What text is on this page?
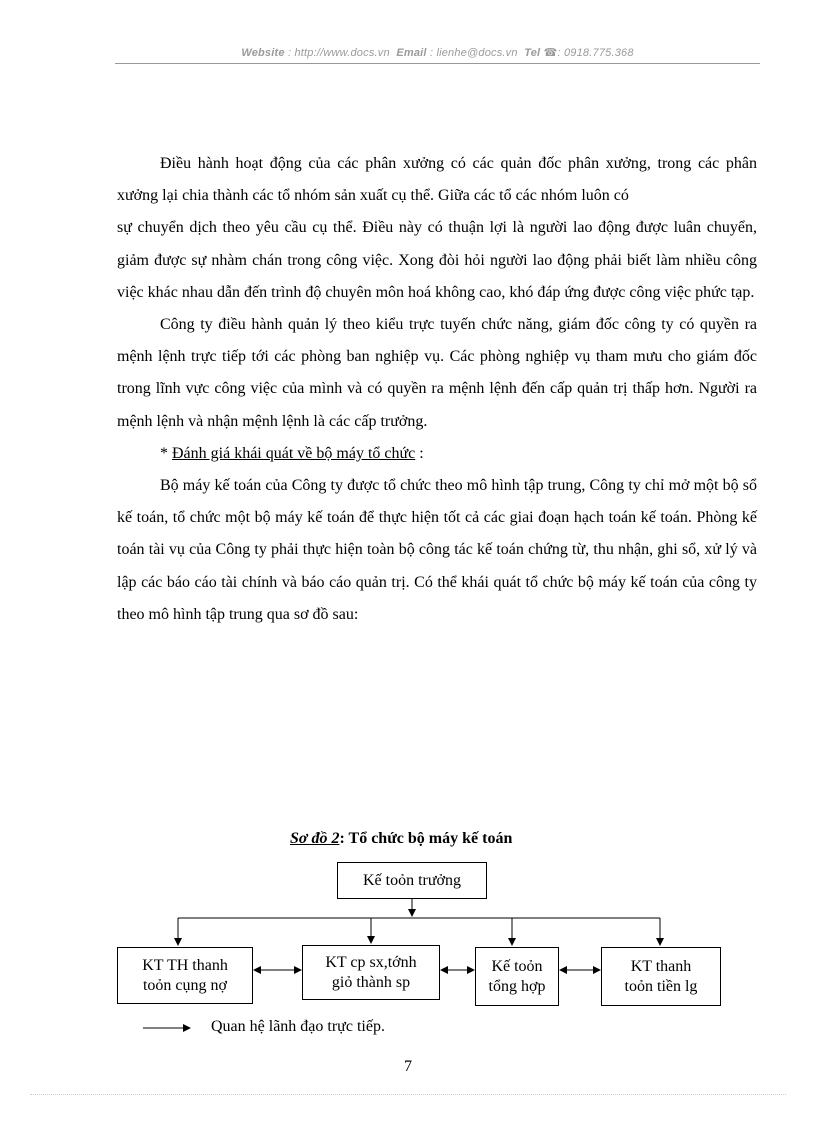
Website : http://www.docs.vn Email : lienhe@docs.vn Tel ☎: 0918.775.368

Điều hành hoạt động của các phân xưởng có các quản đốc phân xưởng, trong các phân xưởng lại chia thành các tổ nhóm sản xuất cụ thể. Giữa các tổ các nhóm luôn có

sự chuyển dịch theo yêu cầu cụ thể. Điều này có thuận lợi là người lao động được luân chuyển, giảm được sự nhàm chán trong công việc. Xong đòi hỏi người lao động phải biết làm nhiều công việc khác nhau dẫn đến trình độ chuyên môn hoá không cao, khó đáp ứng được công việc phức tạp.

Công ty điều hành quản lý theo kiểu trực tuyến chức năng, giám đốc công ty có quyền ra mệnh lệnh trực tiếp tới các phòng ban nghiệp vụ. Các phòng nghiệp vụ tham mưu cho giám đốc trong lĩnh vực công việc của mình và có quyền ra mệnh lệnh đến cấp quản trị thấp hơn. Người ra mệnh lệnh và nhận mệnh lệnh là các cấp trưởng.

* Đánh giá khái quát về bộ máy tổ chức :

Bộ máy kế toán của Công ty được tổ chức theo mô hình tập trung, Công ty chỉ mở một bộ sổ kế toán, tổ chức một bộ máy kế toán để thực hiện tốt cả các giai đoạn hạch toán kế toán. Phòng kế toán tài vụ của Công ty phải thực hiện toàn bộ công tác kế toán chứng từ, thu nhận, ghi sổ, xử lý và lập các báo cáo tài chính và báo cáo quản trị. Có thể khái quát tổ chức bộ máy kế toán của công ty theo mô hình tập trung qua sơ đồ sau:

Sơ đồ 2: Tổ chức bộ máy kế toán
Kế toỏn trưởng
KT TH thanh
toỏn cụng nợ
KT cp sx,tớnh
giỏ thành sp
Kế toỏn
tổng hợp
KT thanh
toỏn tiền lg
Quan hệ lãnh đạo trực tiếp.
7
